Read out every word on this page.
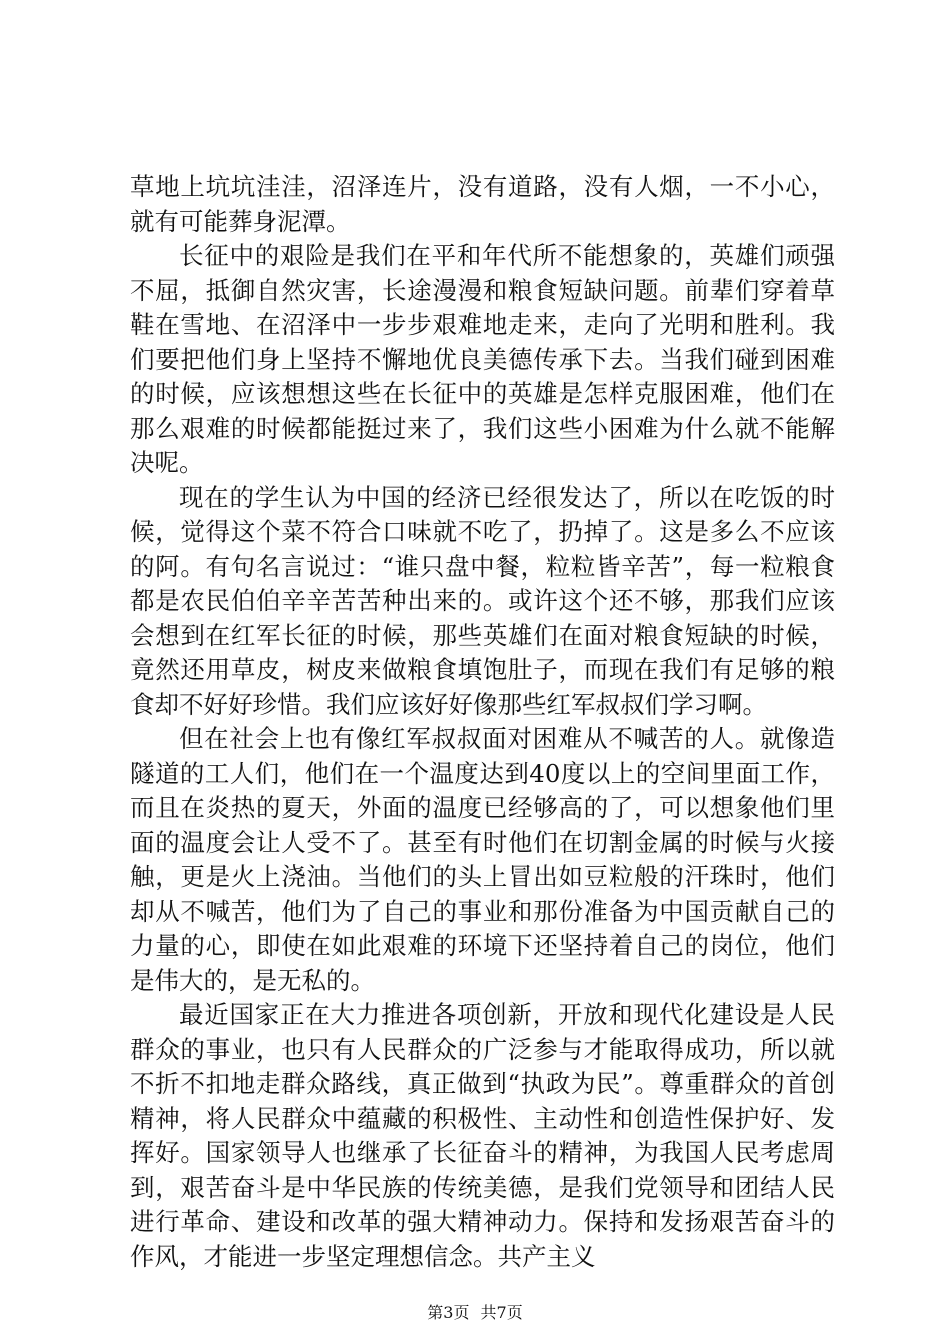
草地上坑坑洼洼，沼泽连片，没有道路，没有人烟，一不小心，就有可能葬身泥潭。

长征中的艰险是我们在平和年代所不能想象的，英雄们顽强不屈，抵御自然灾害，长途漫漫和粮食短缺问题。前辈们穿着草鞋在雪地、在沼泽中一步步艰难地走来，走向了光明和胜利。我们要把他们身上坚持不懈地优良美德传承下去。当我们碰到困难的时候，应该想想这些在长征中的英雄是怎样克服困难，他们在那么艰难的时候都能挺过来了，我们这些小困难为什么就不能解决呢。

现在的学生认为中国的经济已经很发达了，所以在吃饭的时候，觉得这个菜不符合口味就不吃了，扔掉了。这是多么不应该的阿。有句名言说过：“谁只盘中餐，粒粒皆辛苦”，每一粒粮食都是农民伯伯辛辛苦苦种出来的。或许这个还不够，那我们应该会想到在红军长征的时候，那些英雄们在面对粮食短缺的时候，竟然还用草皮，树皮来做粮食填饱肚子，而现在我们有足够的粮食却不好好珍惜。我们应该好好像那些红军叔叔们学习啊。

但在社会上也有像红军叔叔面对困难从不喊苦的人。就像造隧道的工人们，他们在一个温度达到40度以上的空间里面工作，而且在炎热的夏天，外面的温度已经够高的了，可以想象他们里面的温度会让人受不了。甚至有时他们在切割金属的时候与火接触，更是火上浇油。当他们的头上冒出如豆粒般的汗珠时，他们却从不喊苦，他们为了自己的事业和那份准备为中国贡献自己的力量的心，即使在如此艰难的环境下还坚持着自己的岗位，他们是伟大的，是无私的。

最近国家正在大力推进各项创新，开放和现代化建设是人民群众的事业，也只有人民群众的广泛参与才能取得成功，所以就不折不扣地走群众路线，真正做到“执政为民”。尊重群众的首创精神，将人民群众中蕴藏的积极性、主动性和创造性保护好、发挥好。国家领导人也继承了长征奋斗的精神，为我国人民考虑周到，艰苦奋斗是中华民族的传统美德，是我们党领导和团结人民进行革命、建设和改革的强大精神动力。保持和发扬艰苦奋斗的作风，才能进一步坚定理想信念。共产主义

第3页 共7页
